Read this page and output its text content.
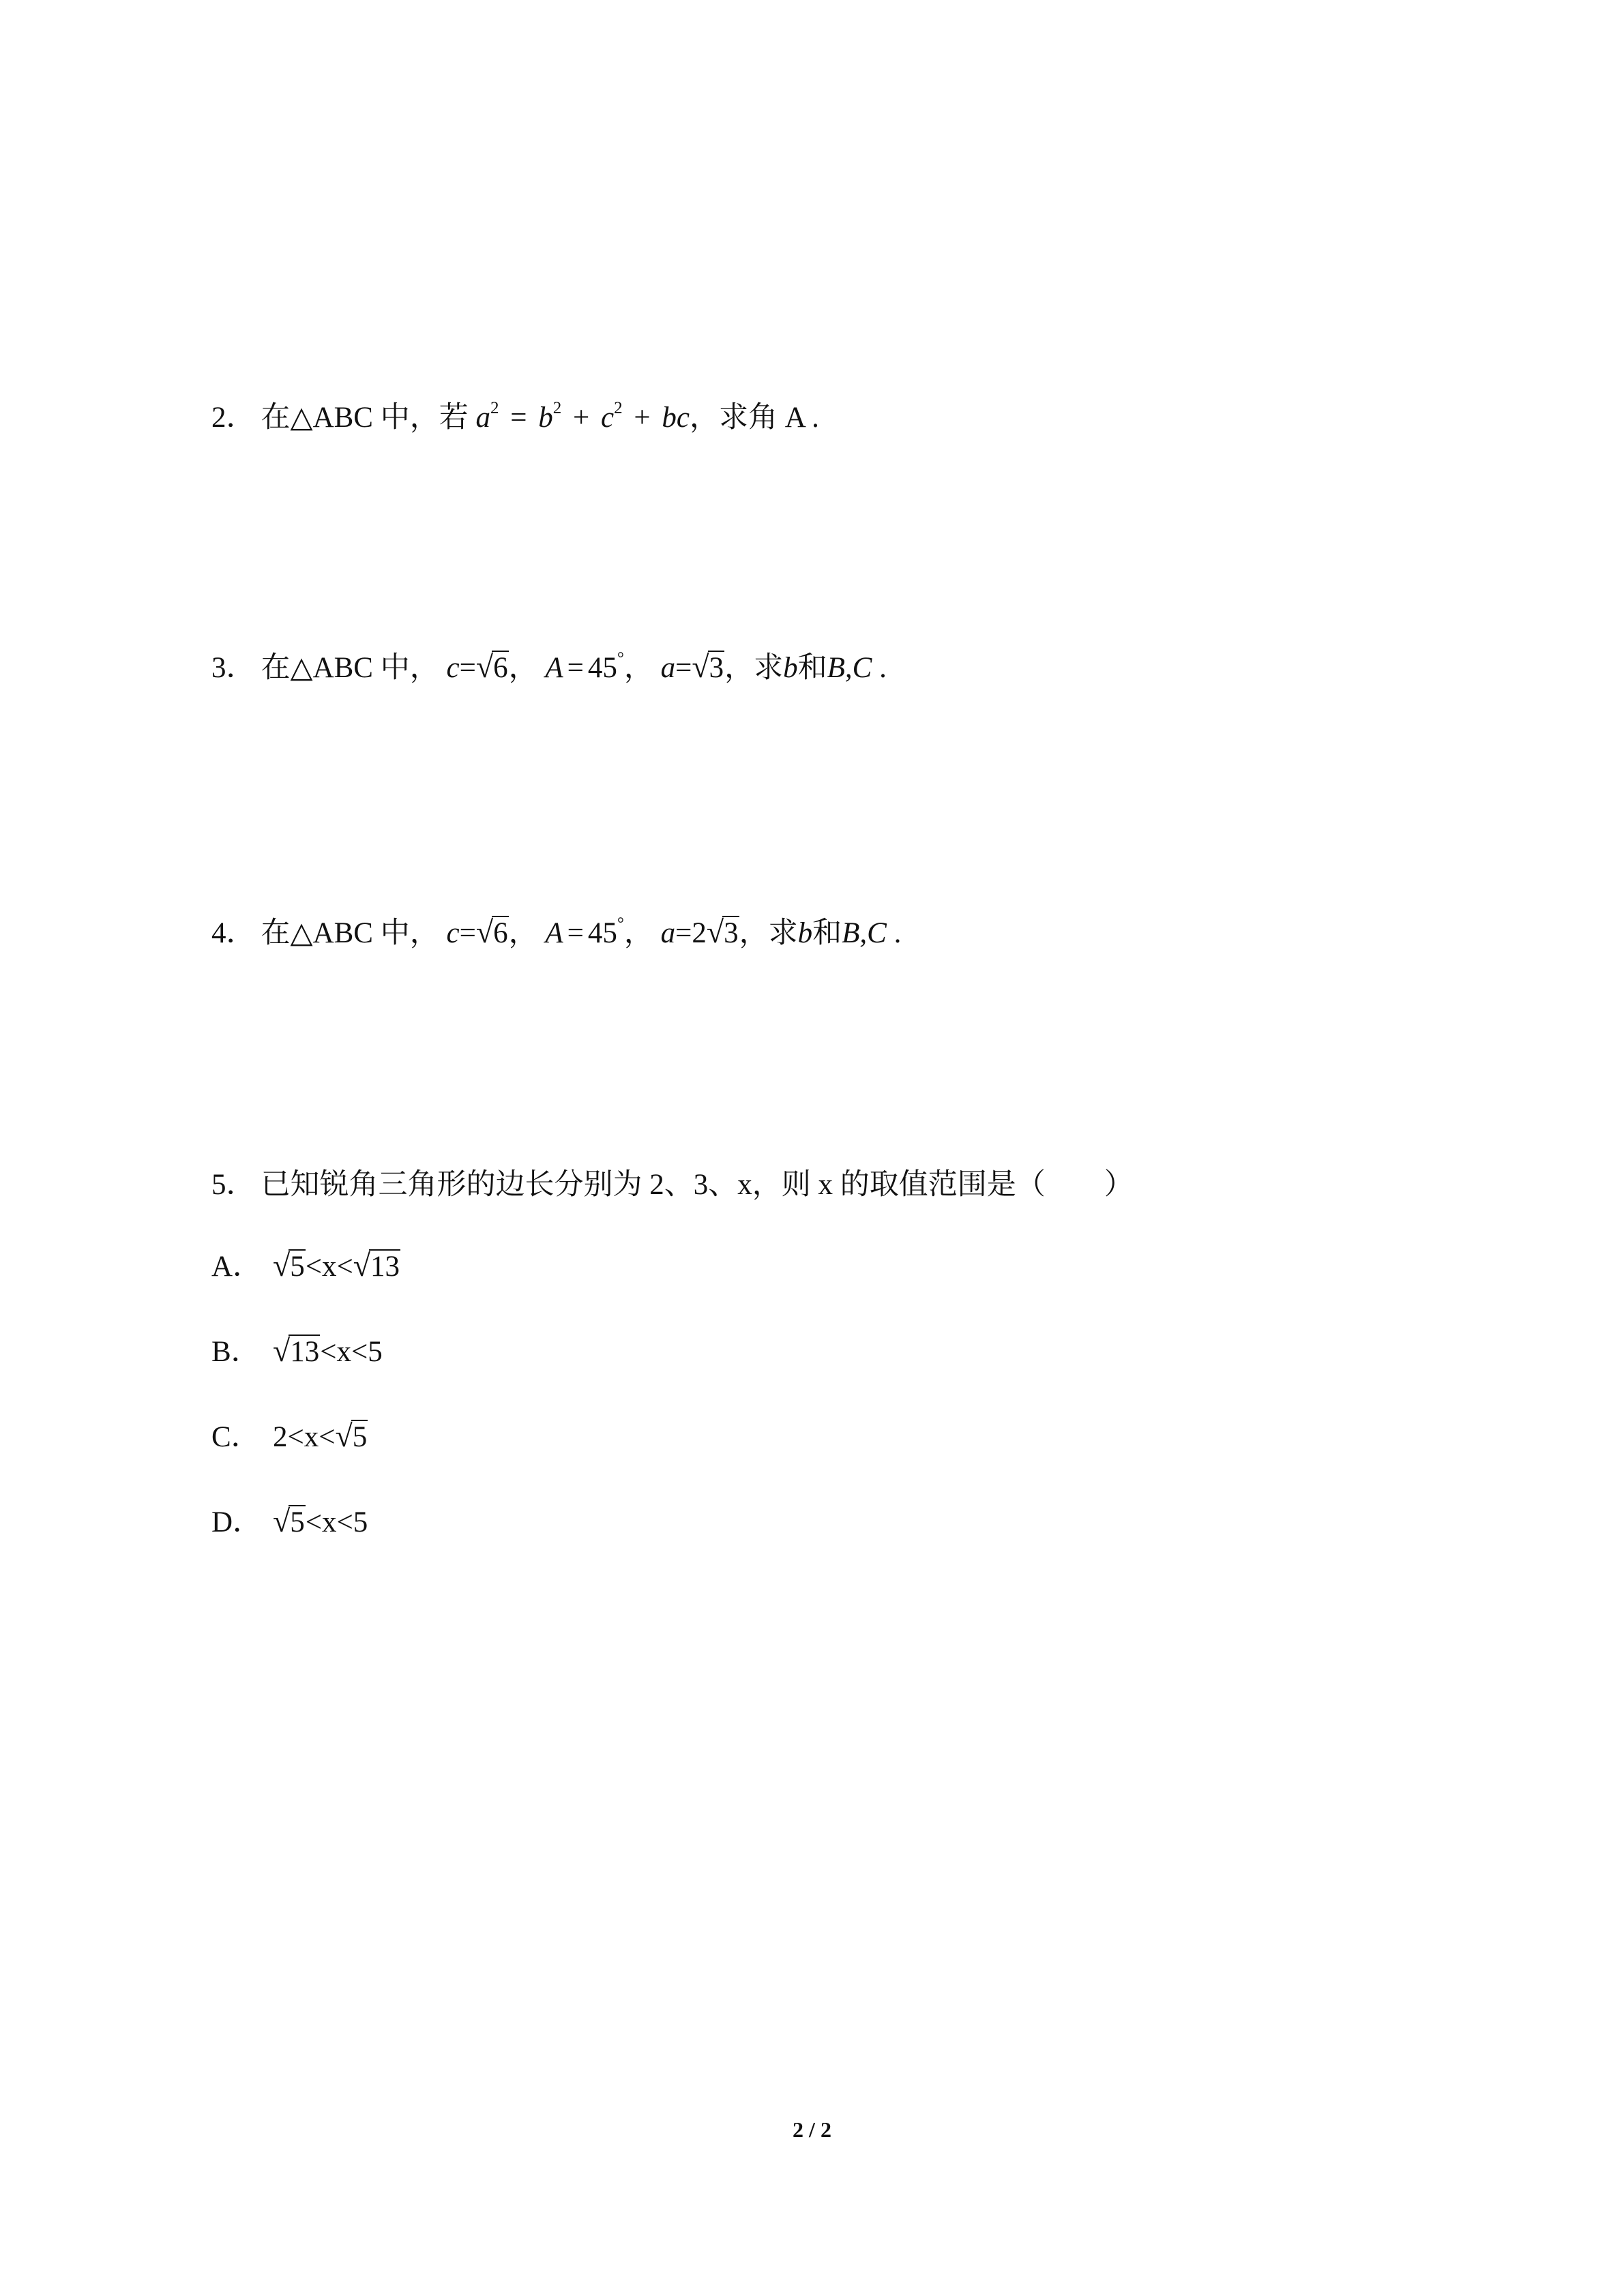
2． 在△ABC 中，若 $a^2 = b^2 + c^2$ + bc，求角 A .
3． 在△ABC 中， c=√6， A = 45°， a=√3，求b和B,C .
4． 在△ABC 中， c=√6， A = 45°， a=2√3，求b和B,C .
5． 已知锐角三角形的边长分别为 2、3、x，则 x 的取值范围是（　　）
A． √5<x<√13
B． √13<x<5
C． 2<x<√5
D． √5<x<5
2 / 2
